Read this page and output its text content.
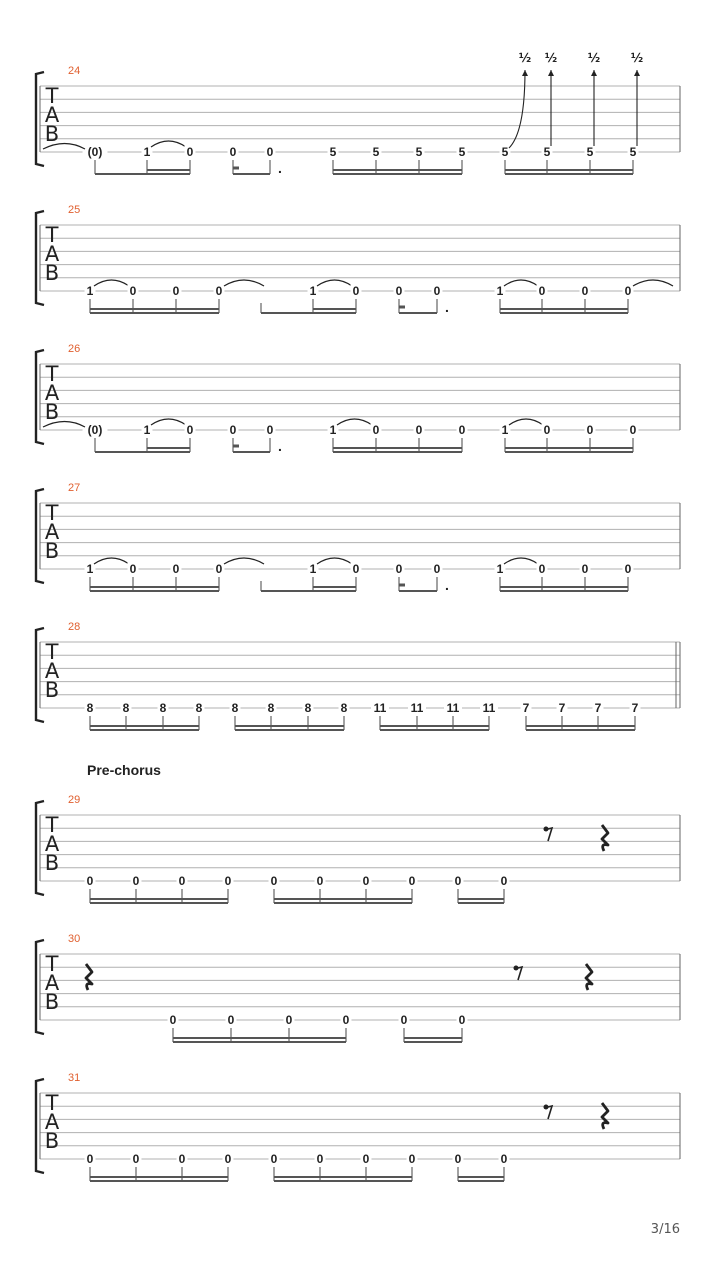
Pre-chorus
24
T
A
B
(0)	1	0	0	0
.
5	5	5	5	5
½
5
½
5
½
5
½
25
T
A
B
1	0	0	0	1	0	0	0
.
1	0	0	0
26
T
A
B
(0)	1	0	0	0
.
1	0	0	0	1	0	0	0
27
T
A
B
1	0	0	0	1	0	0	0
.
1	0	0	0
28
T
A
B
8 8	8 8 8 8	8 8 11 11 11 11 7 7 7	7
29
T
A
B
0	0	0	0	0	0	0	0	0	0
30
T
A
B
0	0	0	0	0	0
31
T
A
B
0	0	0	0	0	0	0	0	0	0
3/16
